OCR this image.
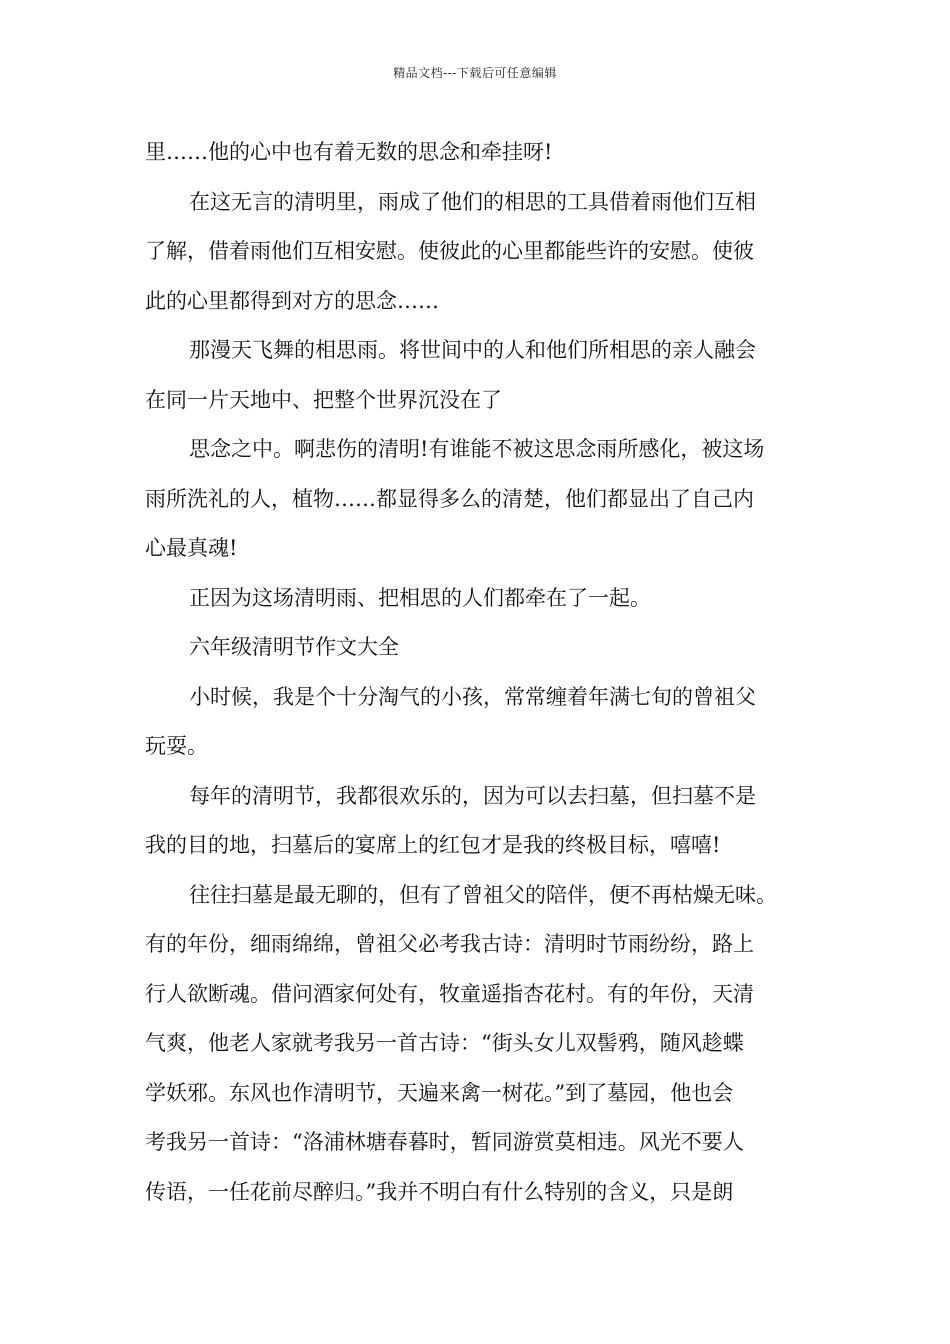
精品文档---下载后可任意编辑
里……他的心中也有着无数的思念和牵挂呀!
在这无言的清明里，雨成了他们的相思的工具借着雨他们互相
了解，借着雨他们互相安慰。使彼此的心里都能些许的安慰。使彼
此的心里都得到对方的思念……
那漫天飞舞的相思雨。将世间中的人和他们所相思的亲人融会
在同一片天地中、把整个世界沉没在了
思念之中。啊悲伤的清明!有谁能不被这思念雨所感化，被这场
雨所洗礼的人，植物……都显得多么的清楚，他们都显出了自己内
心最真魂!
正因为这场清明雨、把相思的人们都牵在了一起。
六年级清明节作文大全
小时候，我是个十分淘气的小孩，常常缠着年满七旬的曾祖父
玩耍。
每年的清明节，我都很欢乐的，因为可以去扫墓，但扫墓不是
我的目的地，扫墓后的宴席上的红包才是我的终极目标，嘻嘻!
往往扫墓是最无聊的，但有了曾祖父的陪伴，便不再枯燥无味。
有的年份，细雨绵绵，曾祖父必考我古诗：清明时节雨纷纷，路上
行人欲断魂。借问酒家何处有，牧童遥指杏花村。有的年份，天清
气爽，他老人家就考我另一首古诗：“街头女儿双髻鸦，随风趁蝶
学妖邪。东风也作清明节，天遍来禽一树花。”到了墓园，他也会
考我另一首诗：“洛浦林塘春暮时，暂同游赏莫相违。风光不要人
传语，一任花前尽醉归。”我并不明白有什么特别的含义，只是朗
